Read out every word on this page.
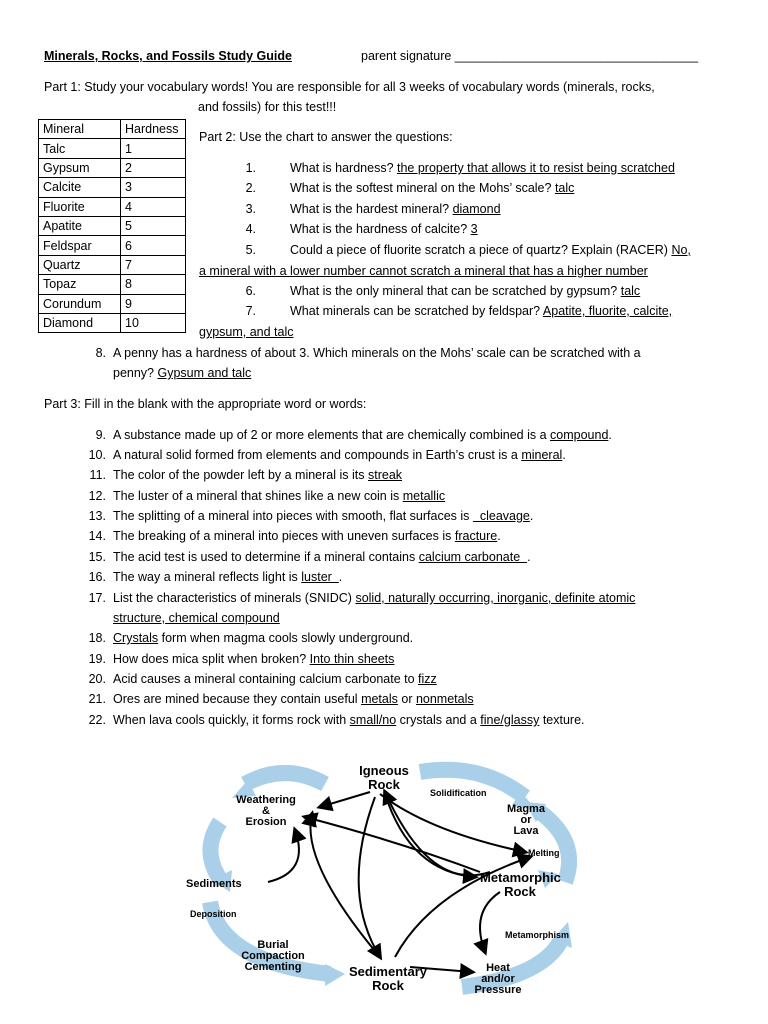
Minerals, Rocks, and Fossils Study Guide	parent signature ___________________________________
Part 1: Study your vocabulary words! You are responsible for all 3 weeks of vocabulary words (minerals, rocks,
and fossils) for this test!!!
Mineral	Hardness
Talc	1
Gypsum	2
Calcite	3
Fluorite	4
Apatite	5
Feldspar	6
Quartz	7
Topaz	8
Corundum	9
Diamond	10
Part 2: Use the chart to answer the questions:
1.	What is hardness? the property that allows it to resist being scratched
2.	What is the softest mineral on the Mohs’ scale? talc
3.	What is the hardest mineral? diamond
4.	What is the hardness of calcite? 3
5.	Could a piece of fluorite scratch a piece of quartz? Explain (RACER) No,
a mineral with a lower number cannot scratch a mineral that has a higher number
6.	What is the only mineral that can be scratched by gypsum? talc
7.	What minerals can be scratched by feldspar? Apatite, fluorite, calcite,
gypsum, and talc
8. A penny has a hardness of about 3. Which minerals on the Mohs’ scale can be scratched with a
penny? Gypsum and talc
Part 3: Fill in the blank with the appropriate word or words:
9. A substance made up of 2 or more elements that are chemically combined is a compound.
10. A natural solid formed from elements and compounds in Earth’s crust is a mineral.
11. The color of the powder left by a mineral is its streak
12. The luster of a mineral that shines like a new coin is metallic
13. The splitting of a mineral into pieces with smooth, flat surfaces is   cleavage.
14. The breaking of a mineral into pieces with uneven surfaces is fracture.
15. The acid test is used to determine if a mineral contains calcium carbonate  .
16. The way a mineral reflects light is luster  .
17. List the characteristics of minerals (SNIDC) solid, naturally occurring, inorganic, definite atomic
structure, chemical compound
18. Crystals form when magma cools slowly underground.
19. How does mica split when broken? Into thin sheets
20. Acid causes a mineral containing calcium carbonate to fizz
21. Ores are mined because they contain useful metals or nonmetals
22. When lava cools quickly, it forms rock with small/no crystals and a fine/glassy texture.
Igneous
Rock
Solidification
Magma
or
Lava
Melting
Weathering
&
Erosion
Sediments	Metamorphic
Rock
Deposition
Burial
Compaction
Cementing
Metamorphism
Sedimentary
Rock
Heat
and/or
Pressure
